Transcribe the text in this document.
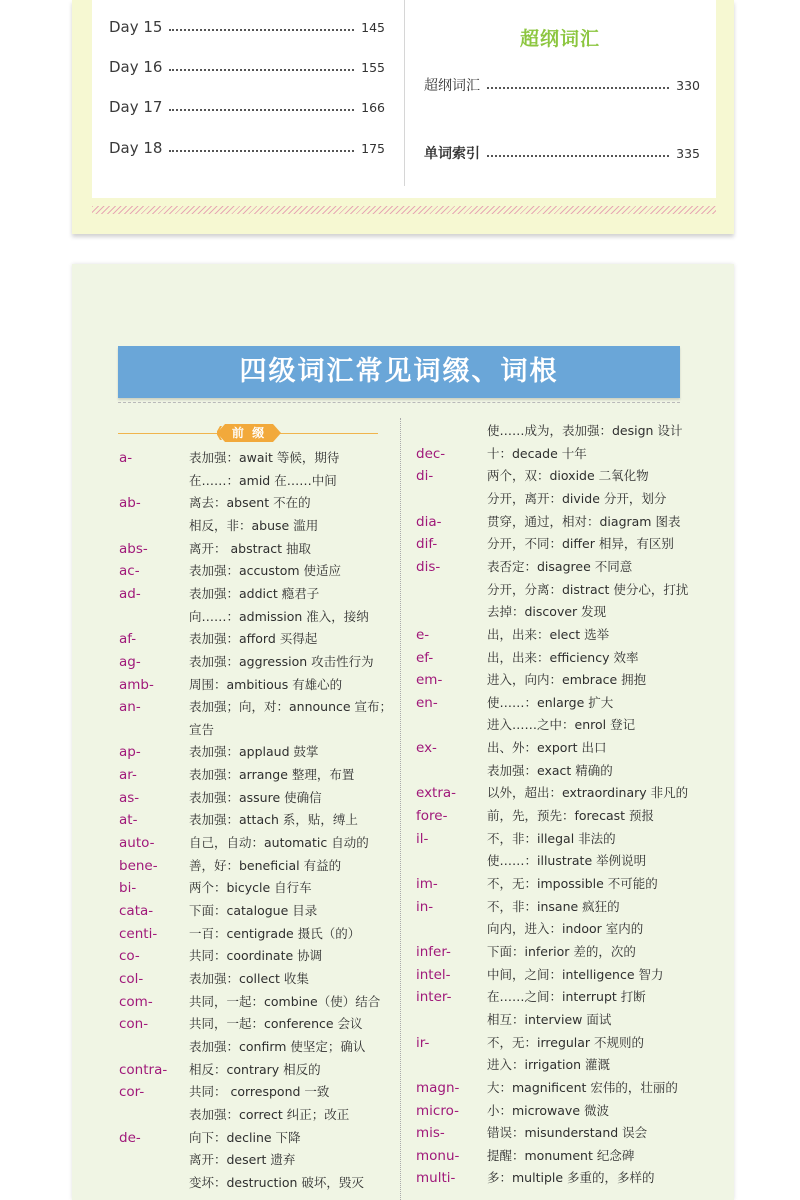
Day 15	145
Day 16	155
Day 17	166
Day 18	175
超纲词汇
超纲词汇	330
单词索引	335
四级词汇常见词缀、词根
前 缀
a-	表加强：await 等候，期待
在……：amid 在……中间
ab-	离去：absent 不在的
相反，非：abuse 滥用
abs-	离开： abstract 抽取
ac-	表加强：accustom 使适应
ad-	表加强：addict 瘾君子
向……：admission 准入，接纳
af-	表加强：afford 买得起
ag-	表加强：aggression 攻击性行为
amb-	周围：ambitious 有雄心的
an-	表加强；向，对：announce 宣布；
宣告
ap-	表加强：applaud 鼓掌
ar-	表加强：arrange 整理，布置
as-	表加强：assure 使确信
at-	表加强：attach 系，贴，缚上
auto-	自己，自动：automatic 自动的
bene-	善，好：beneficial 有益的
bi-	两个：bicycle 自行车
cata-	下面：catalogue 目录
centi-	一百：centigrade 摄氏（的）
co-	共同：coordinate 协调
col-	表加强：collect 收集
com-	共同，一起：combine（使）结合
con-	共同，一起：conference 会议
表加强：confirm 使坚定；确认
contra- 相反：contrary 相反的
cor-	共同： correspond 一致
表加强：correct 纠正；改正
de-	向下：decline 下降
离开：desert 遗弃
变坏：destruction 破坏，毁灭
使……成为，表加强：design 设计
dec-	十：decade 十年
di-	两个，双：dioxide 二氧化物
分开，离开：divide 分开，划分
dia-	贯穿，通过，相对：diagram 图表
dif-	分开，不同：differ 相异，有区别
dis-	表否定：disagree 不同意
分开，分离：distract 使分心，打扰
去掉：discover 发现
e-	出，出来：elect 选举
ef-	出，出来：efficiency 效率
em-	进入，向内：embrace 拥抱
en-	使……：enlarge 扩大
进入……之中：enrol 登记
ex-	出、外：export 出口
表加强：exact 精确的
extra- 以外，超出：extraordinary 非凡的
fore-	前，先，预先：forecast 预报
il-	不，非：illegal 非法的
使……：illustrate 举例说明
im-	不，无：impossible 不可能的
in-	不，非：insane 疯狂的
向内，进入：indoor 室内的
infer-	下面：inferior 差的，次的
intel-	中间，之间：intelligence 智力
inter-	在……之间：interrupt 打断
相互：interview 面试
ir-	不，无：irregular 不规则的
进入：irrigation 灌溉
magn- 大：magnificent 宏伟的，壮丽的
micro- 小：microwave 微波
mis-	错误：misunderstand 误会
monu- 提醒：monument 纪念碑
multi-	多：multiple 多重的，多样的
